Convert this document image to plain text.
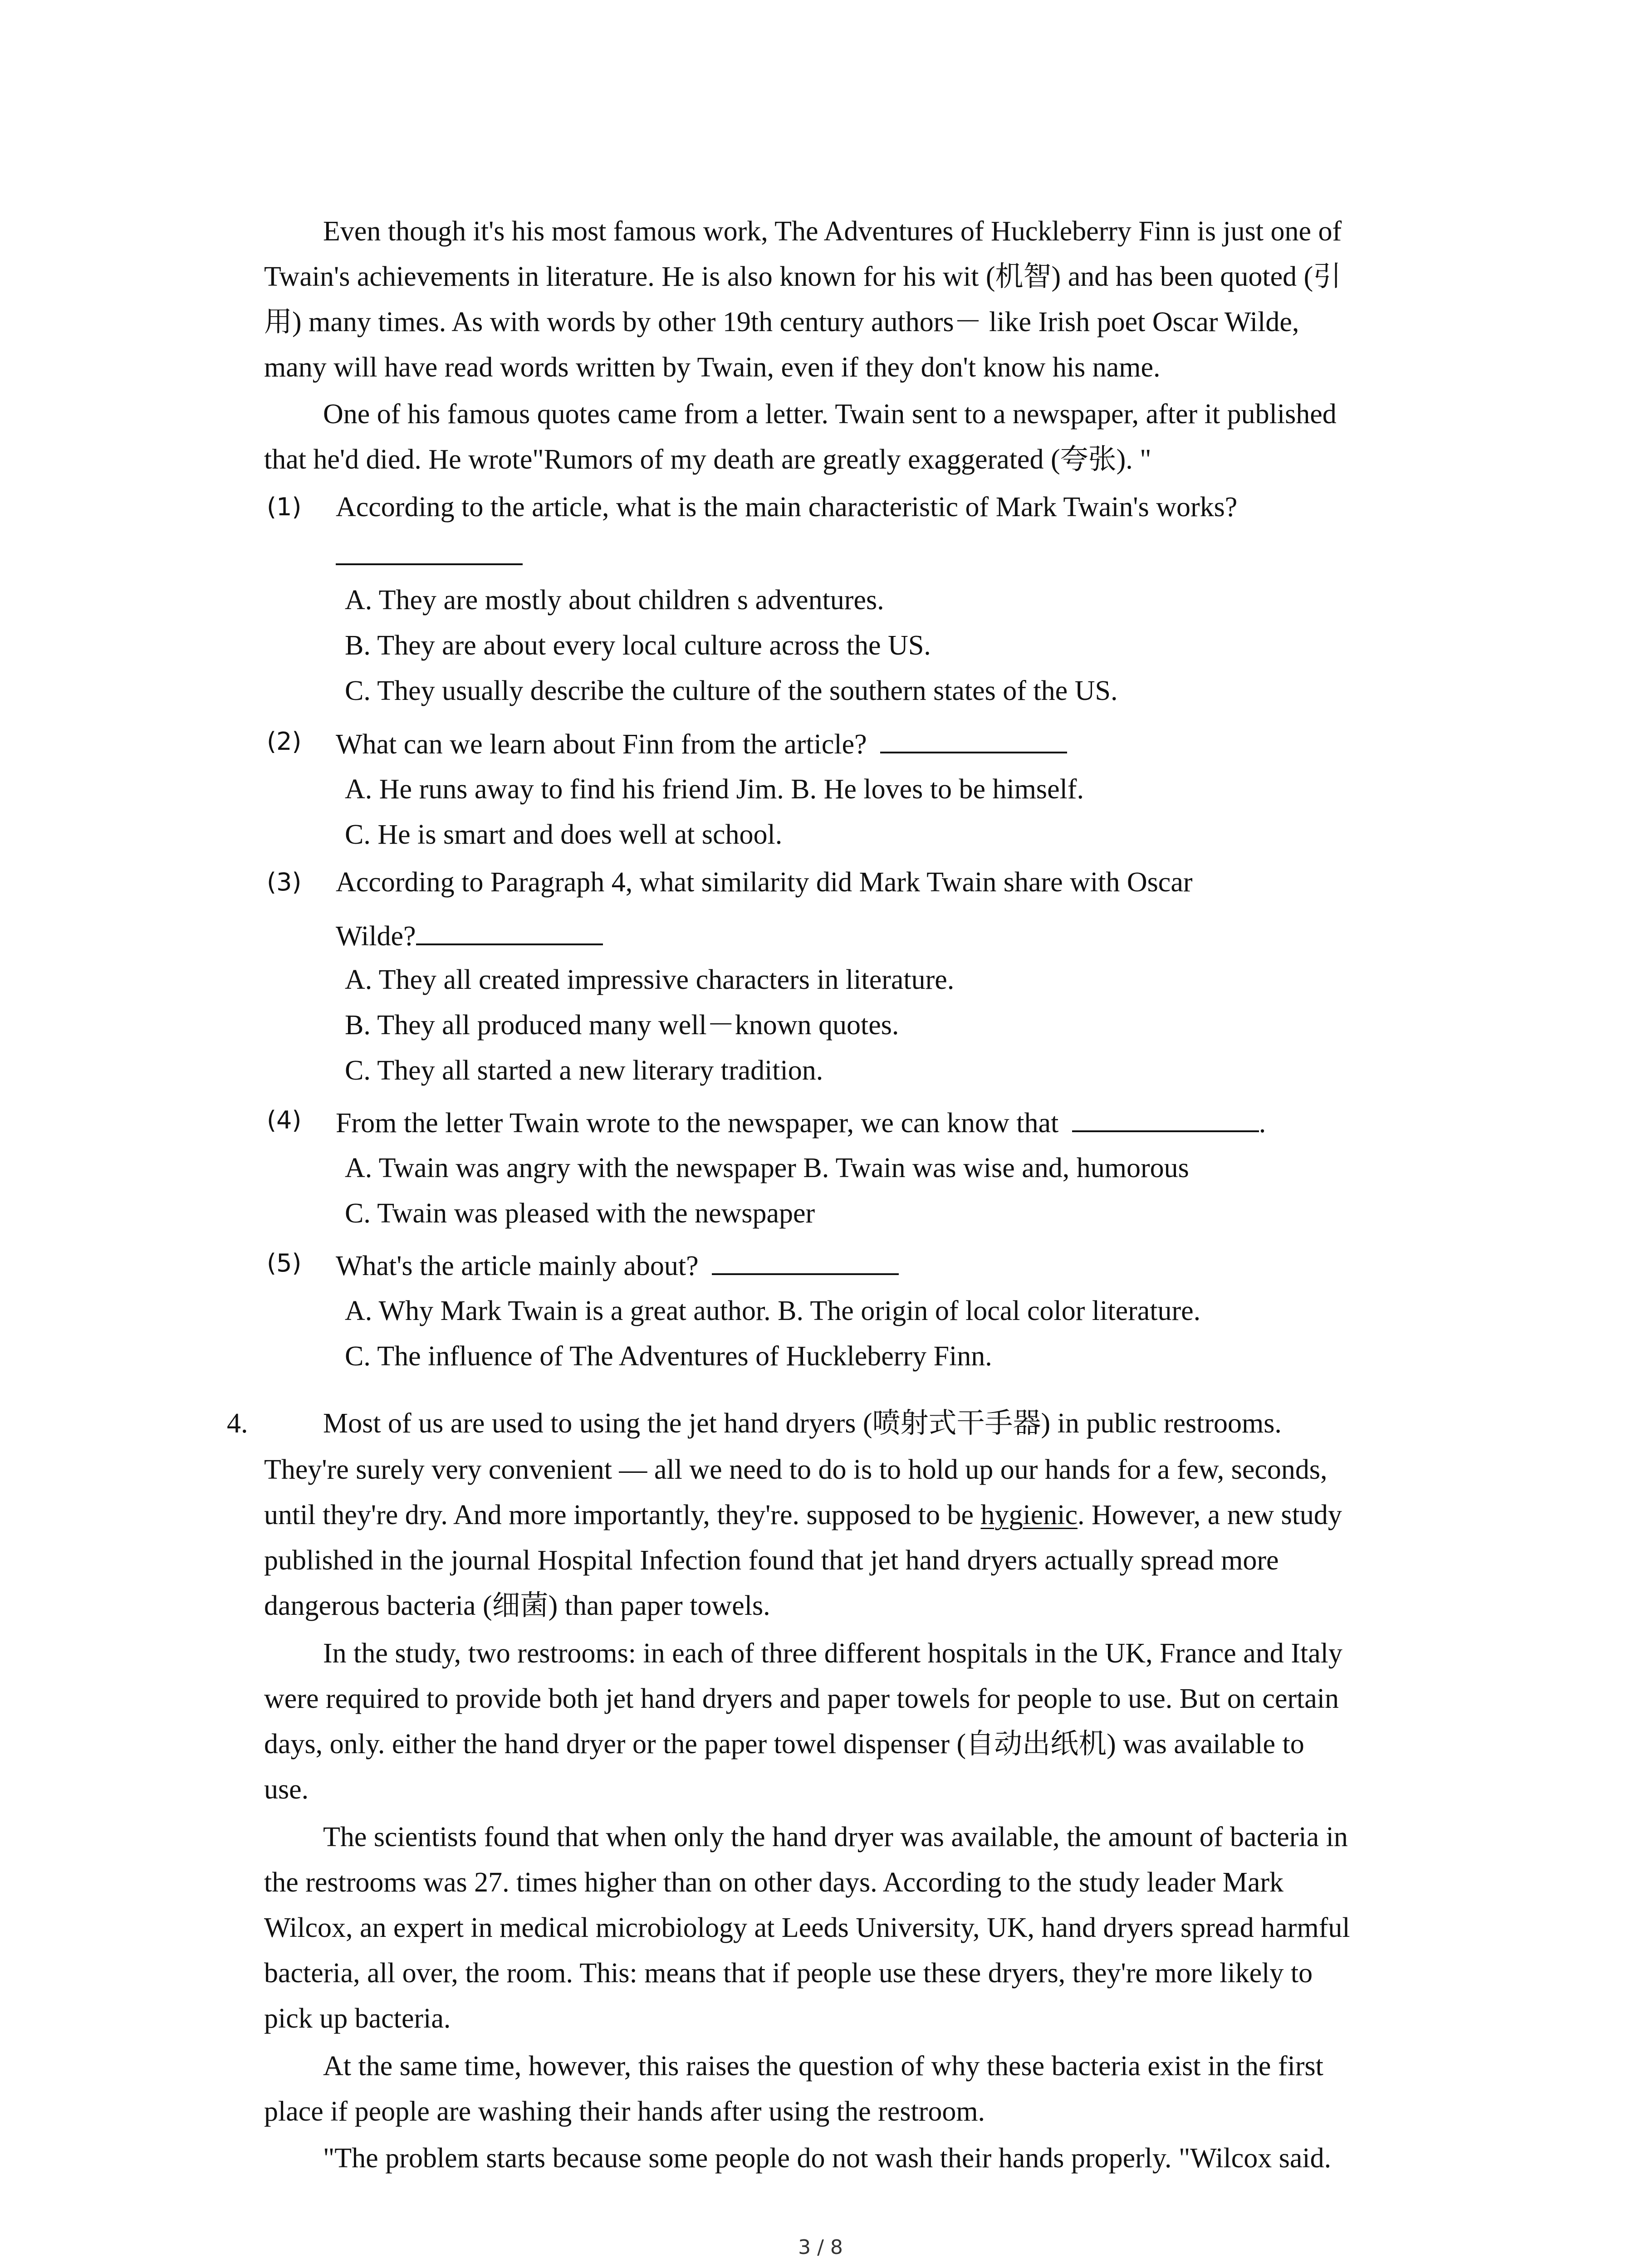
Even though it's his most famous work, The Adventures of Huckleberry Finn is just one of
Twain's achievements in literature. He is also known for his wit (机智) and has been quoted (引
用) many times. As with words by other 19th century authors－ like Irish poet Oscar Wilde,
many will have read words written by Twain, even if they don't know his name.
One of his famous quotes came from a letter. Twain sent to a newspaper, after it published
that he'd died. He wrote"Rumors of my death are greatly exaggerated (夸张). "
(1) According to the article, what is the main characteristic of Mark Twain's works?
A. They are mostly about children s adventures.
B. They are about every local culture across the US.
C. They usually describe the culture of the southern states of the US.
(2) What can we learn about Finn from the article?
A. He runs away to find his friend Jim. B. He loves to be himself.
C. He is smart and does well at school.
(3) According to Paragraph 4, what similarity did Mark Twain share with Oscar
Wilde?
A. They all created impressive characters in literature.
B. They all produced many well－known quotes.
C. They all started a new literary tradition.
(4) From the letter Twain wrote to the newspaper, we can know that	.
A. Twain was angry with the newspaper B. Twain was wise and, humorous
C. Twain was pleased with the newspaper
(5) What's the article mainly about?
A. Why Mark Twain is a great author. B. The origin of local color literature.
C. The influence of The Adventures of Huckleberry Finn.
4.	Most of us are used to using the jet hand dryers (喷射式干手器) in public restrooms.
They're surely very convenient — all we need to do is to hold up our hands for a few, seconds,
until they're dry. And more importantly, they're. supposed to be hygienic. However, a new study
published in the journal Hospital Infection found that jet hand dryers actually spread more
dangerous bacteria (细菌) than paper towels.
In the study, two restrooms: in each of three different hospitals in the UK, France and Italy
were required to provide both jet hand dryers and paper towels for people to use. But on certain
days, only. either the hand dryer or the paper towel dispenser (自动出纸机) was available to
use.
The scientists found that when only the hand dryer was available, the amount of bacteria in
the restrooms was 27. times higher than on other days. According to the study leader Mark
Wilcox, an expert in medical microbiology at Leeds University, UK, hand dryers spread harmful
bacteria, all over, the room. This: means that if people use these dryers, they're more likely to
pick up bacteria.
At the same time, however, this raises the question of why these bacteria exist in the first
place if people are washing their hands after using the restroom.
"The problem starts because some people do not wash their hands properly. "Wilcox said.
3 / 8
